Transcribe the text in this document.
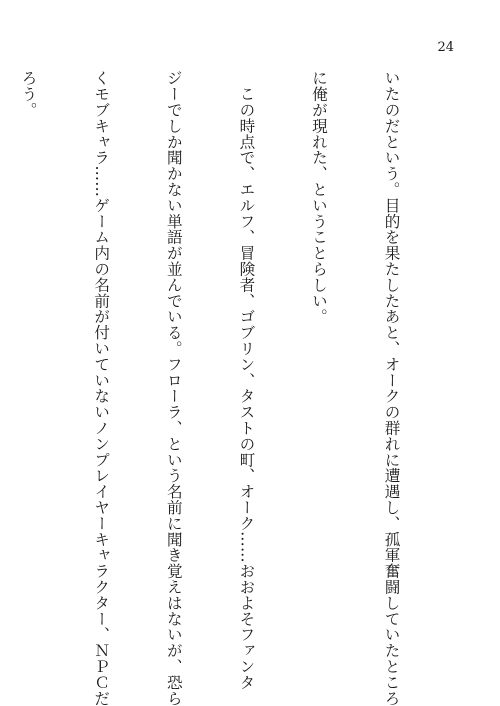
24

いたのだという。目的を果たしたあと、オークの群れに遭遇し、孤軍奮闘していたところ

に俺が現れた、ということらしい。

　この時点で、エルフ、冒険者、ゴブリン、タストの町、オーク……おおよそファンタ

ジーでしか聞かない単語が並んでいる。フローラ、という名前に聞き覚えはないが、恐ら

くモブキャラ……ゲーム内の名前が付いていないノンプレイヤーキャラクター、ＮＰＣだ

ろう。
